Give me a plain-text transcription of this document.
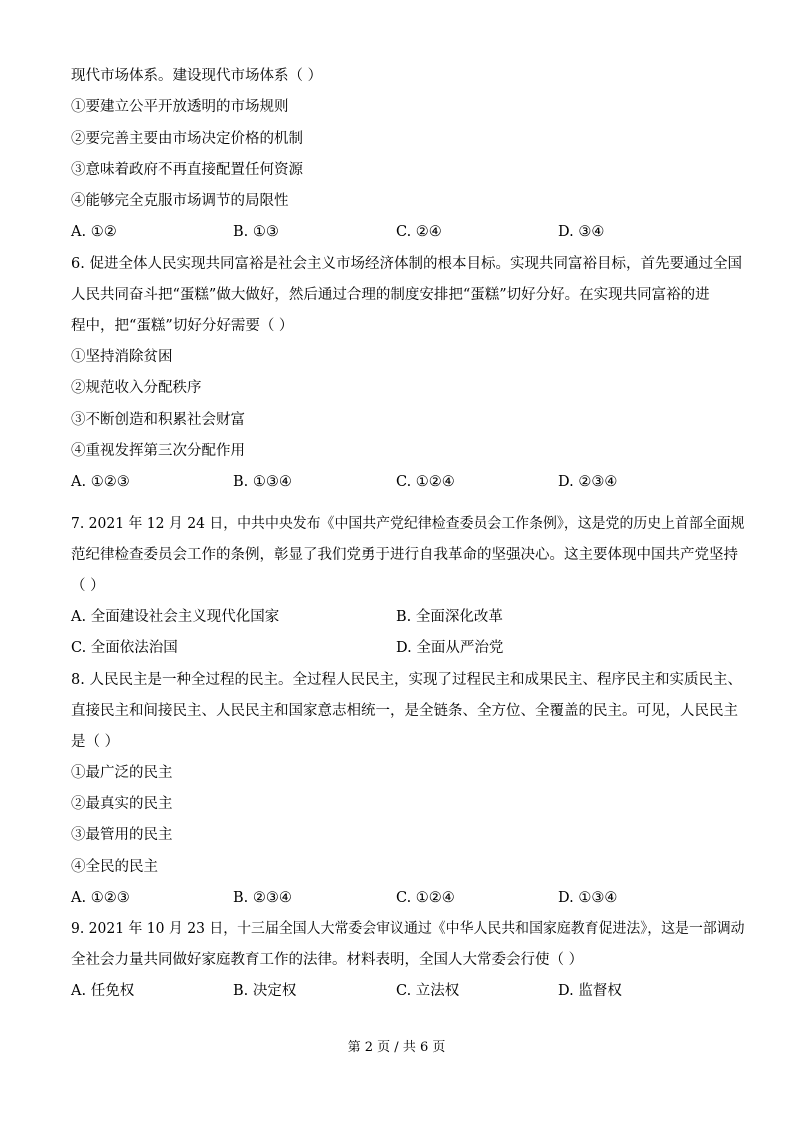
现代市场体系。建设现代市场体系（ ）
①要建立公平开放透明的市场规则
②要完善主要由市场决定价格的机制
③意味着政府不再直接配置任何资源
④能够完全克服市场调节的局限性
A. ①②	B. ①③	C. ②④	D. ③④
6. 促进全体人民实现共同富裕是社会主义市场经济体制的根本目标。实现共同富裕目标，首先要通过全国
人民共同奋斗把“蛋糕”做大做好，然后通过合理的制度安排把“蛋糕”切好分好。在实现共同富裕的进
程中，把“蛋糕”切好分好需要（ ）
①坚持消除贫困
②规范收入分配秩序
③不断创造和积累社会财富
④重视发挥第三次分配作用
A. ①②③	B. ①③④	C. ①②④	D. ②③④
7. 2021 年 12 月 24 日，中共中央发布《中国共产党纪律检查委员会工作条例》，这是党的历史上首部全面规
范纪律检查委员会工作的条例，彰显了我们党勇于进行自我革命的坚强决心。这主要体现中国共产党坚持
（ ）
A. 全面建设社会主义现代化国家	B. 全面深化改革
C. 全面依法治国	D. 全面从严治党
8. 人民民主是一种全过程的民主。全过程人民民主，实现了过程民主和成果民主、程序民主和实质民主、
直接民主和间接民主、人民民主和国家意志相统一，是全链条、全方位、全覆盖的民主。可见，人民民主
是（ ）
①最广泛的民主
②最真实的民主
③最管用的民主
④全民的民主
A. ①②③	B. ②③④	C. ①②④	D. ①③④
9. 2021 年 10 月 23 日，十三届全国人大常委会审议通过《中华人民共和国家庭教育促进法》，这是一部调动
全社会力量共同做好家庭教育工作的法律。材料表明，全国人大常委会行使（ ）
A. 任免权	B. 决定权	C. 立法权	D. 监督权
第 2 页 / 共 6 页
